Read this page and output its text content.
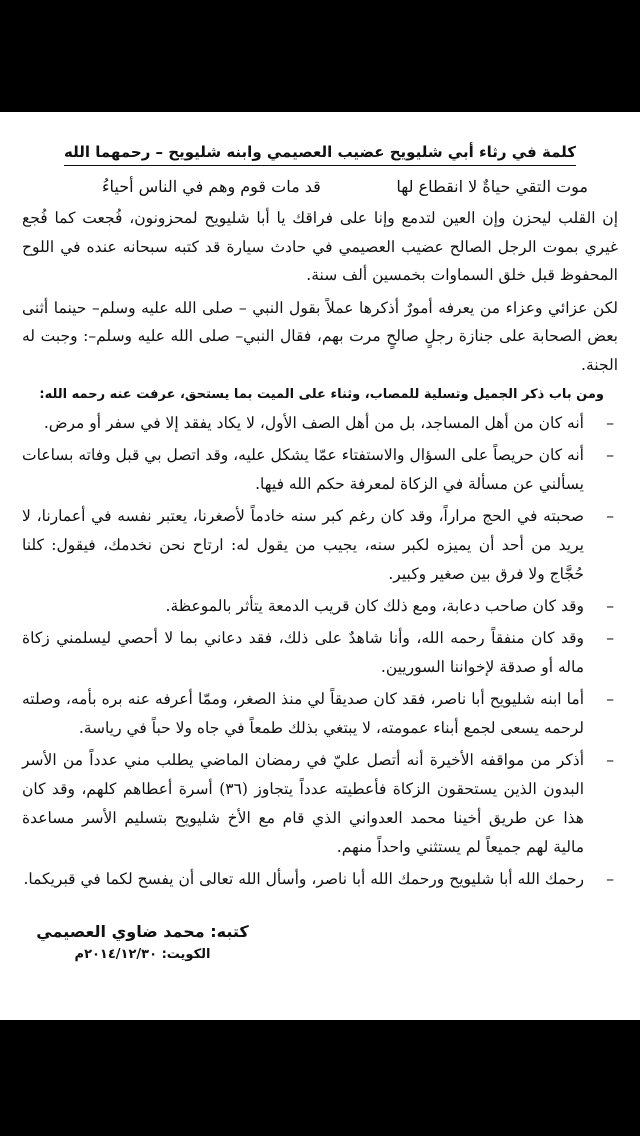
كلمة في رثاء أبي شليويح عضيب العصيمي وابنه شليويح – رحمهما الله
موت التقي حياةٌ لا انقطاع لها
قد مات قوم وهم في الناس أحياءُ

إن القلب ليحزن وإن العين لتدمع وإنا على فراقك يا أبا شليويح لمحزونون، فُجعت كما فُجع غيري بموت الرجل الصالح عضيب العصيمي في حادث سيارة قد كتبه سبحانه عنده في اللوح المحفوظ قبل خلق السماوات بخمسين ألف سنة.

لكن عزائي وعزاء من يعرفه أمورٌ أذكرها عملاً بقول النبي – صلى الله عليه وسلم– حينما أثنى بعض الصحابة على جنازة رجلٍ صالحٍ مرت بهم، فقال النبي– صلى الله عليه وسلم–: وجبت له الجنة.

ومن باب ذكر الجميل وتسلية للمصاب، وثناء على الميت بما يستحق، عرفت عنه رحمه الله:
–
أنه كان من أهل المساجد، بل من أهل الصف الأول، لا يكاد يفقد إلا في سفر أو مرض.
–
أنه كان حريصاً على السؤال والاستفتاء عمّا يشكل عليه، وقد اتصل بي قبل وفاته بساعات يسألني عن مسألة في الزكاة لمعرفة حكم الله فيها.
–
صحبته في الحج مراراً، وقد كان رغم كبر سنه خادماً لأصغرنا، يعتبر نفسه في أعمارنا، لا يريد من أحد أن يميزه لكبر سنه، يجيب من يقول له: ارتاح نحن نخدمك، فيقول: كلنا حُجَّاج ولا فرق بين صغير وكبير.
–
وقد كان صاحب دعابة، ومع ذلك كان قريب الدمعة يتأثر بالموعظة.
–
وقد كان منفقاً رحمه الله، وأنا شاهدٌ على ذلك، فقد دعاني بما لا أحصي ليسلمني زكاة ماله أو صدقة لإخواننا السوريين.
–
أما ابنه شليويح أبا ناصر، فقد كان صديقاً لي منذ الصغر، وممّا أعرفه عنه بره بأمه، وصلته لرحمه يسعى لجمع أبناء عمومته، لا يبتغي بذلك طمعاً في جاه ولا حباً في رياسة.
–
أذكر من مواقفه الأخيرة أنه أتصل عليّ في رمضان الماضي يطلب مني عدداً من الأسر البدون الذين يستحقون الزكاة فأعطيته عدداً يتجاوز (٣٦) أسرة أعطاهم كلهم، وقد كان هذا عن طريق أخينا محمد العدواني الذي قام مع الأخ شليويح بتسليم الأسر مساعدة مالية لهم جميعاً لم يستثني واحداً منهم.
–
رحمك الله أبا شليويح ورحمك الله أبا ناصر، وأسأل الله تعالى أن يفسح لكما في قبريكما.
كتبه: محمد ضاوي العصيمي
الكويت: ٢٠١٤/١٢/٣٠م
